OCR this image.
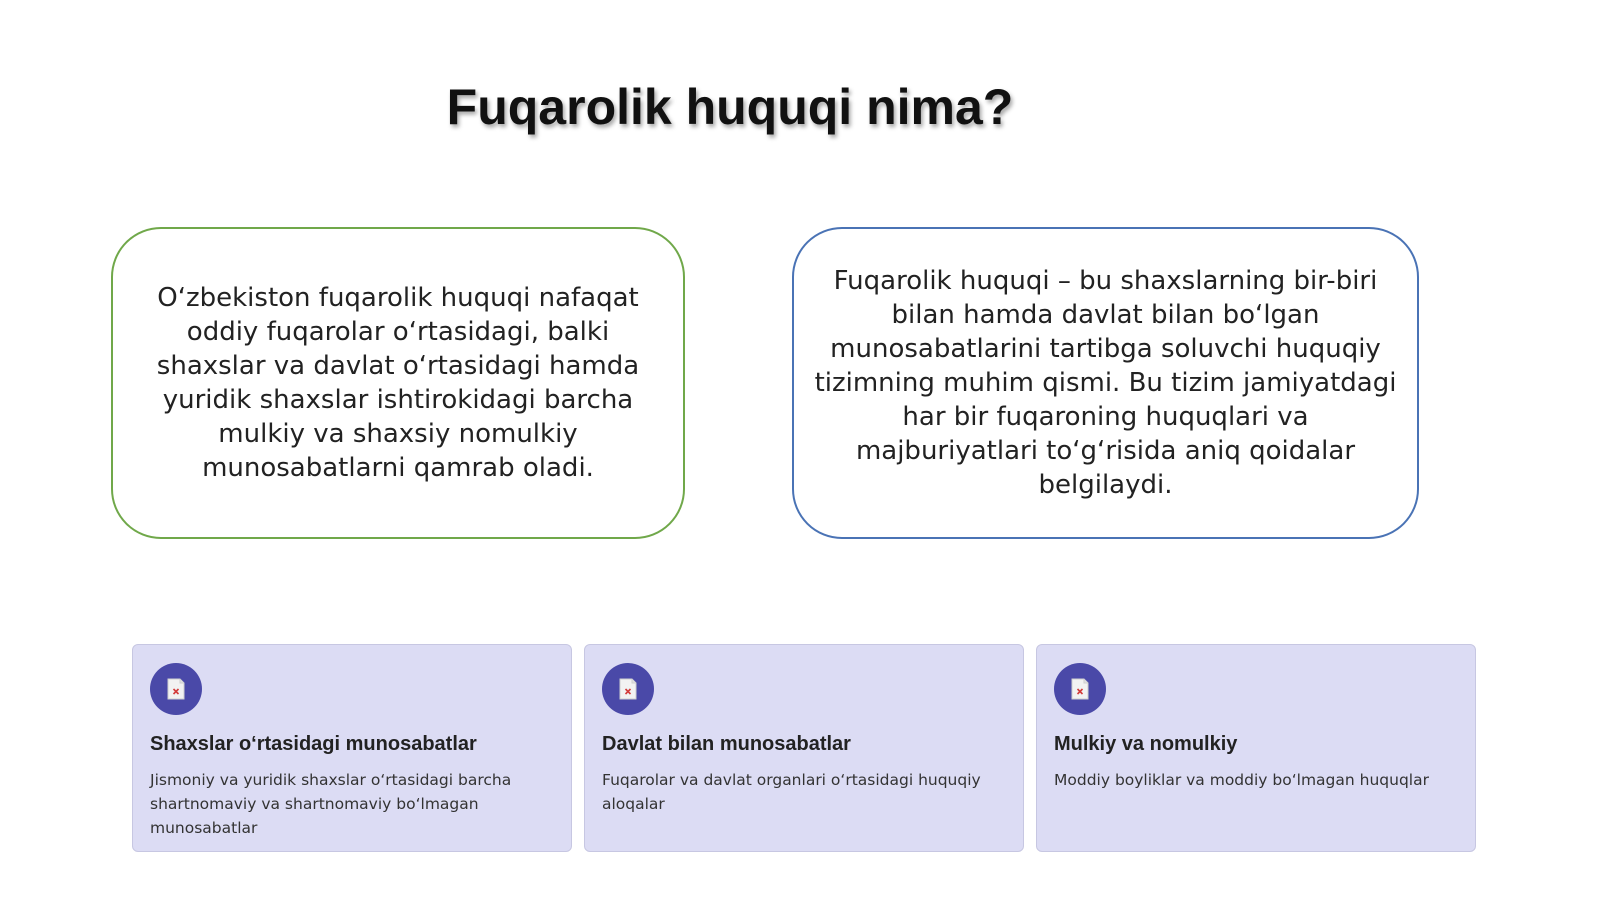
Fuqarolik huquqi nima?
O‘zbekiston fuqarolik huquqi nafaqat oddiy fuqarolar o‘rtasidagi, balki shaxslar va davlat o‘rtasidagi hamda yuridik shaxslar ishtirokidagi barcha mulkiy va shaxsiy nomulkiy munosabatlarni qamrab oladi.
Fuqarolik huquqi – bu shaxslarning bir-biri bilan hamda davlat bilan bo‘lgan munosabatlarini tartibga soluvchi huquqiy tizimning muhim qismi. Bu tizim jamiyatdagi har bir fuqaroning huquqlari va majburiyatlari to‘g‘risida aniq qoidalar belgilaydi.
Shaxslar o‘rtasidagi munosabatlar
Jismoniy va yuridik shaxslar o‘rtasidagi barcha shartnomaviy va shartnomaviy bo‘lmagan munosabatlar
Davlat bilan munosabatlar
Fuqarolar va davlat organlari o‘rtasidagi huquqiy aloqalar
Mulkiy va nomulkiy
Moddiy boyliklar va moddiy bo‘lmagan huquqlar
